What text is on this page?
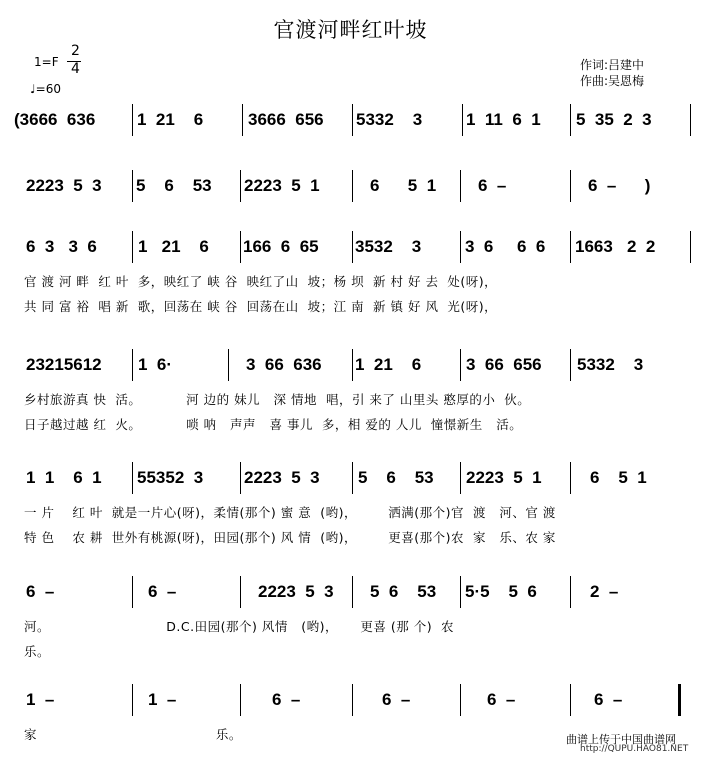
官渡河畔红叶坡
1=F
2
4
♩=60
作词:吕建中
作曲:吴恩梅
(3666  636 1  21    6	3666  656 5332    3	1  11  6  1 5  35  2  3
2223  5  3 5    6    53 2223  5  1	6      5  1 6  –	6  –      )
6  3   3  6 1   21    6 166  6  65 3532    3	3  6     6  6 1663   2  2
官 渡 河 畔  红 叶  多，映红了 峡 谷  映红了山  坡；杨 坝  新 村 好 去  处(呀)，
共 同 富 裕  唱 新  歌，回荡在 峡 谷  回荡在山  坡；江 南  新 镇 好 风  光(呀)，
23215612 1  6·	3  66  636 1  21    6	3  66  656 5332    3
乡村旅游真 快  活。          河 边的 妹儿   深 情地  唱，引 来了 山里头 憨厚的小  伙。
日子越过越 红  火。          唢 呐   声声   喜 事儿  多，相 爱的 人儿  憧憬新生   活。
1  1    6  1 55352  3 2223  5  3 5    6    53 2223  5  1	6    5  1
一 片    红 叶  就是一片心(呀)，柔情(那个) 蜜 意  (哟)，       洒满(那个)官  渡   河、官 渡
特 色    农 耕  世外有桃源(呀)，田园(那个) 风 情  (哟)，       更喜(那个)农  家   乐、农 家
6  –	6  –	2223  5  3 5  6    53 5·5    5  6	2  –
河。                          D.C.田园(那个) 风情   (哟)，     更喜 (那 个)  农
乐。
1  –	1  –	6  –	6  –	6  –	6  –
家                                        乐。	曲谱上传于中国曲谱网
http://QUPU.HAO81.NET
